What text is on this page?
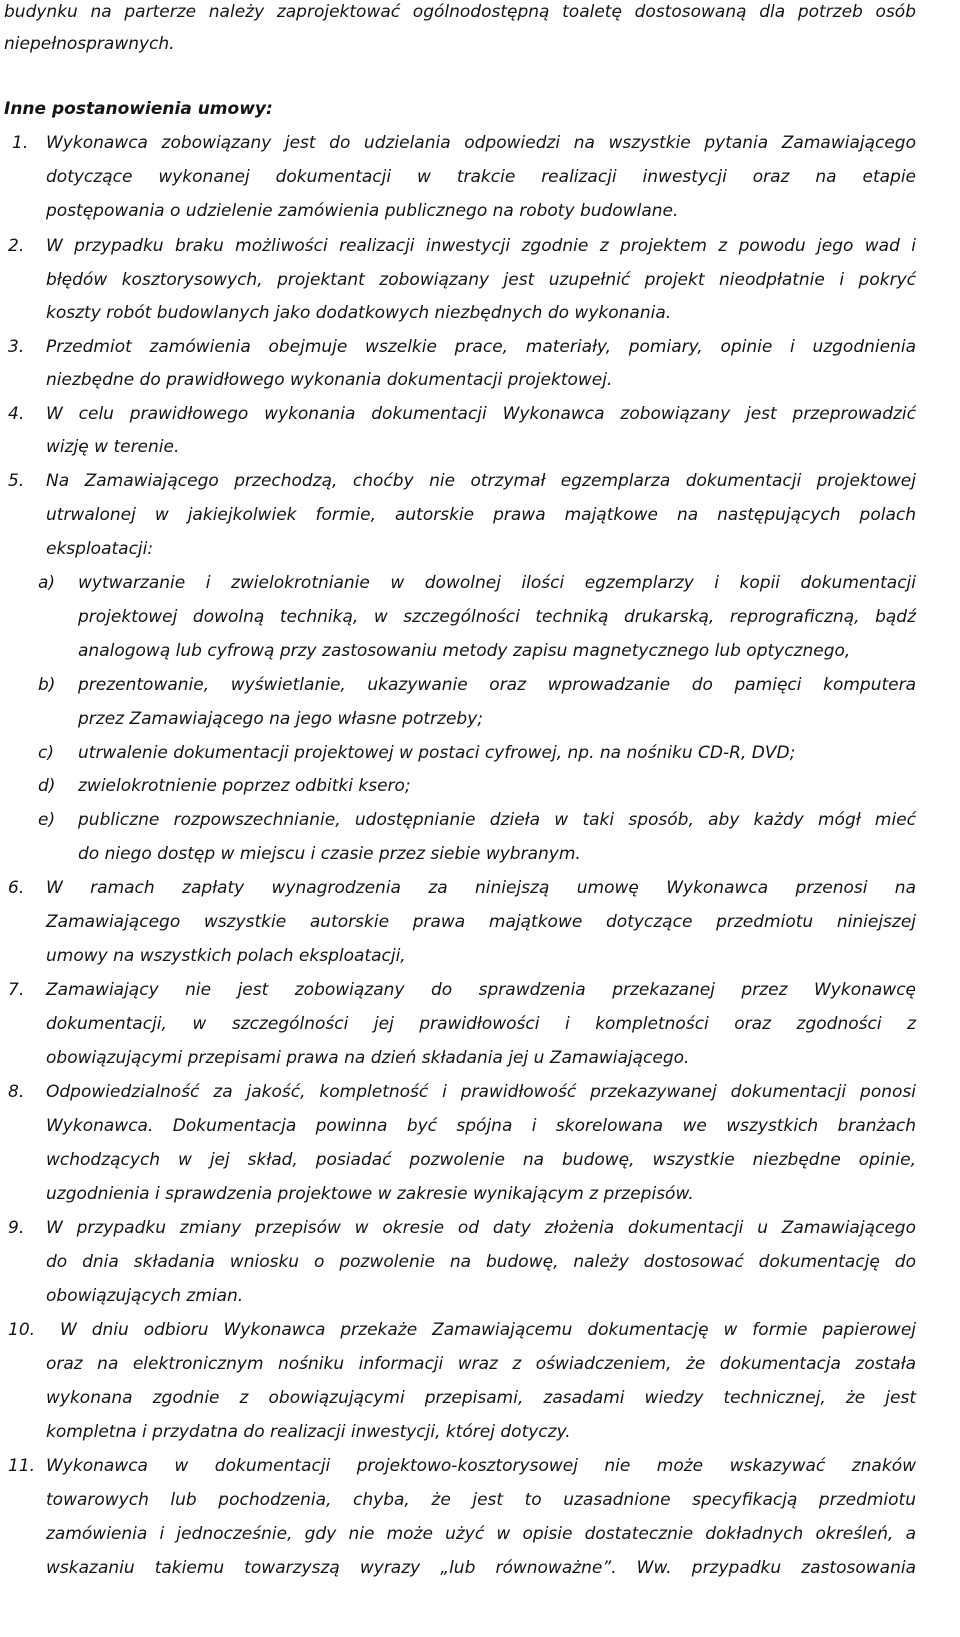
budynku na parterze należy zaprojektować ogólnodostępną toaletę dostosowaną dla potrzeb osób
niepełnosprawnych.
Inne postanowienia umowy:
1. Wykonawca zobowiązany jest do udzielania odpowiedzi na wszystkie pytania Zamawiającego
dotyczące wykonanej dokumentacji w trakcie realizacji inwestycji oraz na etapie
postępowania o udzielenie zamówienia publicznego na roboty budowlane.
2. W przypadku braku możliwości realizacji inwestycji zgodnie z projektem z powodu jego wad i
błędów kosztorysowych, projektant zobowiązany jest uzupełnić projekt nieodpłatnie i pokryć
koszty robót budowlanych jako dodatkowych niezbędnych do wykonania.
3. Przedmiot zamówienia obejmuje wszelkie prace, materiały, pomiary, opinie i uzgodnienia
niezbędne do prawidłowego wykonania dokumentacji projektowej.
4. W celu prawidłowego wykonania dokumentacji Wykonawca zobowiązany jest przeprowadzić
wizję w terenie.
5. Na Zamawiającego przechodzą, choćby nie otrzymał egzemplarza dokumentacji projektowej
utrwalonej w jakiejkolwiek formie, autorskie prawa majątkowe na następujących polach
eksploatacji:
a) wytwarzanie i zwielokrotnianie w dowolnej ilości egzemplarzy i kopii dokumentacji
projektowej dowolną techniką, w szczególności techniką drukarską, reprograficzną, bądź
analogową lub cyfrową przy zastosowaniu metody zapisu magnetycznego lub optycznego,
b) prezentowanie, wyświetlanie, ukazywanie oraz wprowadzanie do pamięci komputera
przez Zamawiającego na jego własne potrzeby;
c) utrwalenie dokumentacji projektowej w postaci cyfrowej, np. na nośniku CD-R, DVD;
d) zwielokrotnienie poprzez odbitki ksero;
e) publiczne rozpowszechnianie, udostępnianie dzieła w taki sposób, aby każdy mógł mieć
do niego dostęp w miejscu i czasie przez siebie wybranym.
6. W ramach zapłaty wynagrodzenia za niniejszą umowę Wykonawca przenosi na
Zamawiającego wszystkie autorskie prawa majątkowe dotyczące przedmiotu niniejszej
umowy na wszystkich polach eksploatacji,
7. Zamawiający nie jest zobowiązany do sprawdzenia przekazanej przez Wykonawcę
dokumentacji, w szczególności jej prawidłowości i kompletności oraz zgodności z
obowiązującymi przepisami prawa na dzień składania jej u Zamawiającego.
8. Odpowiedzialność za jakość, kompletność i prawidłowość przekazywanej dokumentacji ponosi
Wykonawca. Dokumentacja powinna być spójna i skorelowana we wszystkich branżach
wchodzących w jej skład, posiadać pozwolenie na budowę, wszystkie niezbędne opinie,
uzgodnienia i sprawdzenia projektowe w zakresie wynikającym z przepisów.
9. W przypadku zmiany przepisów w okresie od daty złożenia dokumentacji u Zamawiającego
do dnia składania wniosku o pozwolenie na budowę, należy dostosować dokumentację do
obowiązujących zmian.
10. W dniu odbioru Wykonawca przekaże Zamawiającemu dokumentację w formie papierowej
oraz na elektronicznym nośniku informacji wraz z oświadczeniem, że dokumentacja została
wykonana zgodnie z obowiązującymi przepisami, zasadami wiedzy technicznej, że jest
kompletna i przydatna do realizacji inwestycji, której dotyczy.
11. Wykonawca w dokumentacji projektowo-kosztorysowej nie może wskazywać znaków
towarowych lub pochodzenia, chyba, że jest to uzasadnione specyfikacją przedmiotu
zamówienia i jednocześnie, gdy nie może użyć w opisie dostatecznie dokładnych określeń, a
wskazaniu takiemu towarzyszą wyrazy „lub równoważne”. Ww. przypadku zastosowania
